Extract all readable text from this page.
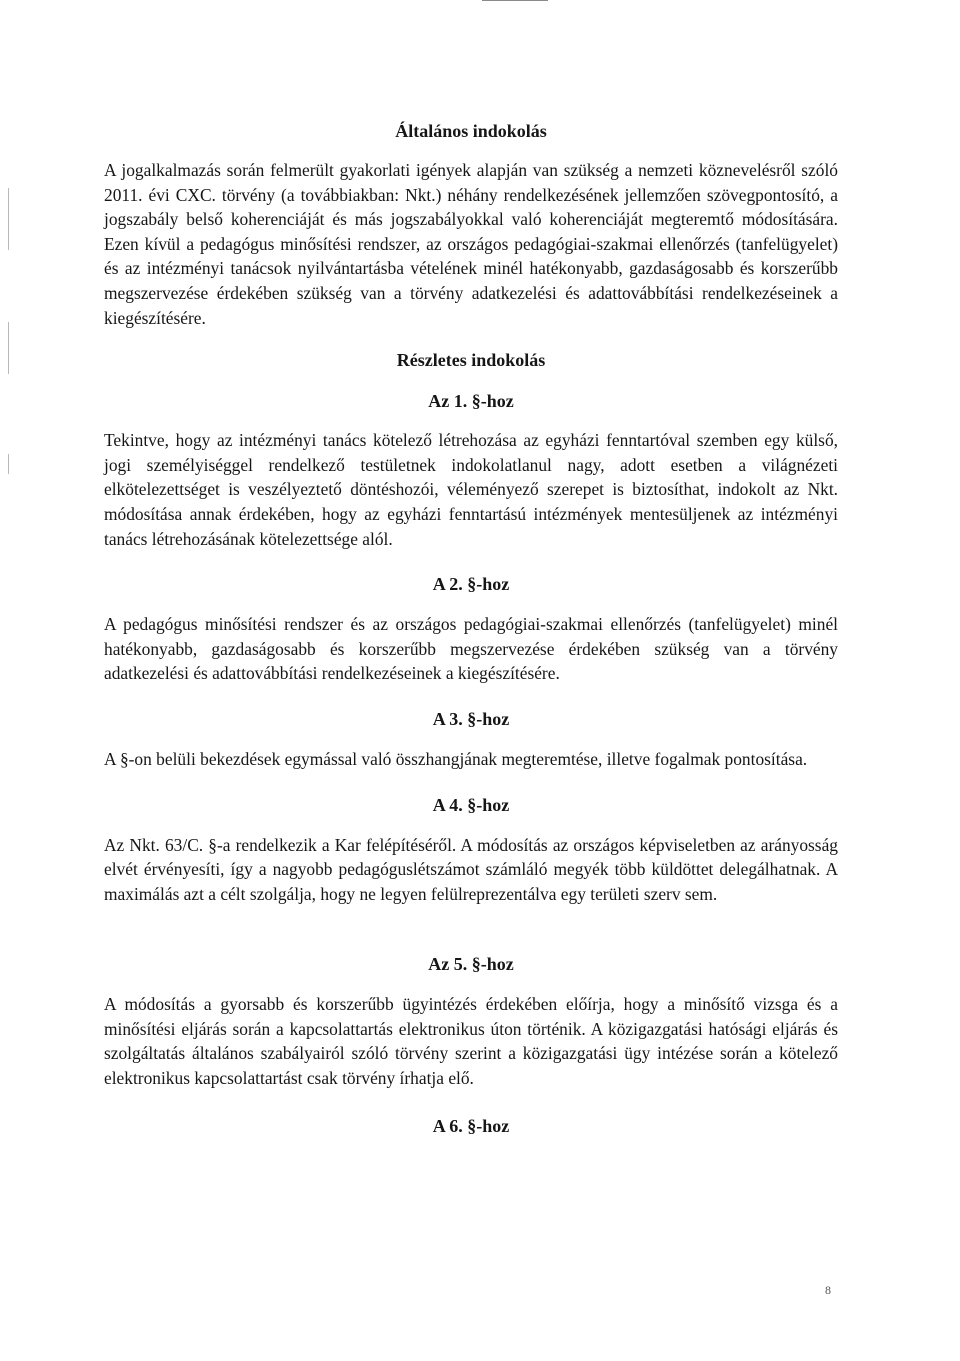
Általános indokolás

A jogalkalmazás során felmerült gyakorlati igények alapján van szükség a nemzeti köznevelésről szóló 2011. évi CXC. törvény (a továbbiakban: Nkt.) néhány rendelkezésének jellemzően szövegpontosító, a jogszabály belső koherenciáját és más jogszabályokkal való koherenciáját megteremtő módosítására. Ezen kívül a pedagógus minősítési rendszer, az országos pedagógiai-szakmai ellenőrzés (tanfelügyelet) és az intézményi tanácsok nyilvántartásba vételének minél hatékonyabb, gazdaságosabb és korszerűbb megszervezése érdekében szükség van a törvény adatkezelési és adattovábbítási rendelkezéseinek a kiegészítésére.

Részletes indokolás
Az 1. §-hoz

Tekintve, hogy az intézményi tanács kötelező létrehozása az egyházi fenntartóval szemben egy külső, jogi személyiséggel rendelkező testületnek indokolatlanul nagy, adott esetben a világnézeti elkötelezettséget is veszélyeztető döntéshozói, véleményező szerepet is biztosíthat, indokolt az Nkt. módosítása annak érdekében, hogy az egyházi fenntartású intézmények mentesüljenek az intézményi tanács létrehozásának kötelezettsége alól.

A 2. §-hoz

A pedagógus minősítési rendszer és az országos pedagógiai-szakmai ellenőrzés (tanfelügyelet) minél hatékonyabb, gazdaságosabb és korszerűbb megszervezése érdekében szükség van a törvény adatkezelési és adattovábbítási rendelkezéseinek a kiegészítésére.

A 3. §-hoz

A §-on belüli bekezdések egymással való összhangjának megteremtése, illetve fogalmak pontosítása.

A 4. §-hoz

Az Nkt. 63/C. §-a rendelkezik a Kar felépítéséről. A módosítás az országos képviseletben az arányosság elvét érvényesíti, így a nagyobb pedagóguslétszámot számláló megyék több küldöttet delegálhatnak. A maximálás azt a célt szolgálja, hogy ne legyen felülreprezentálva egy területi szerv sem.

Az 5. §-hoz

A módosítás a gyorsabb és korszerűbb ügyintézés érdekében előírja, hogy a minősítő vizsga és a minősítési eljárás során a kapcsolattartás elektronikus úton történik. A közigazgatási hatósági eljárás és szolgáltatás általános szabályairól szóló törvény szerint a közigazgatási ügy intézése során a kötelező elektronikus kapcsolattartást csak törvény írhatja elő.

A 6. §-hoz
8
